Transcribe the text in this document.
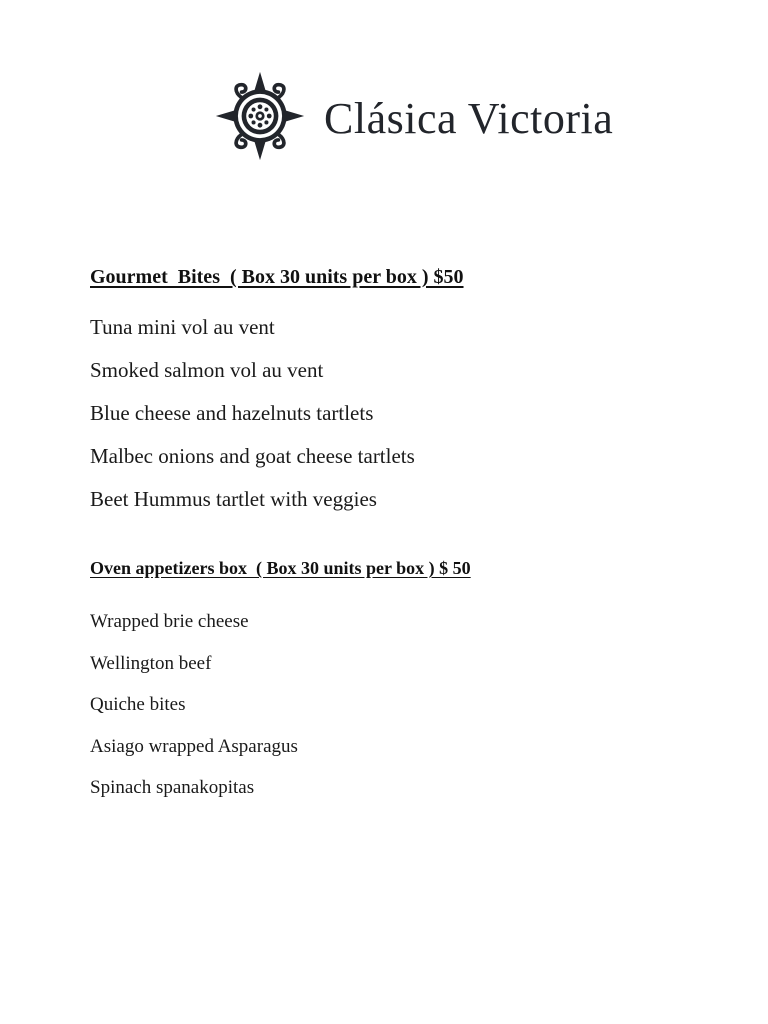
Clásica Victoria

Gourmet  Bites  ( Box 30 units per box ) $50

Tuna mini vol au vent
Smoked salmon vol au vent
Blue cheese and hazelnuts tartlets
Malbec onions and goat cheese tartlets
Beet Hummus tartlet with veggies

Oven appetizers box  ( Box 30 units per box ) $ 50

Wrapped brie cheese
Wellington beef
Quiche bites
Asiago wrapped Asparagus
Spinach spanakopitas
